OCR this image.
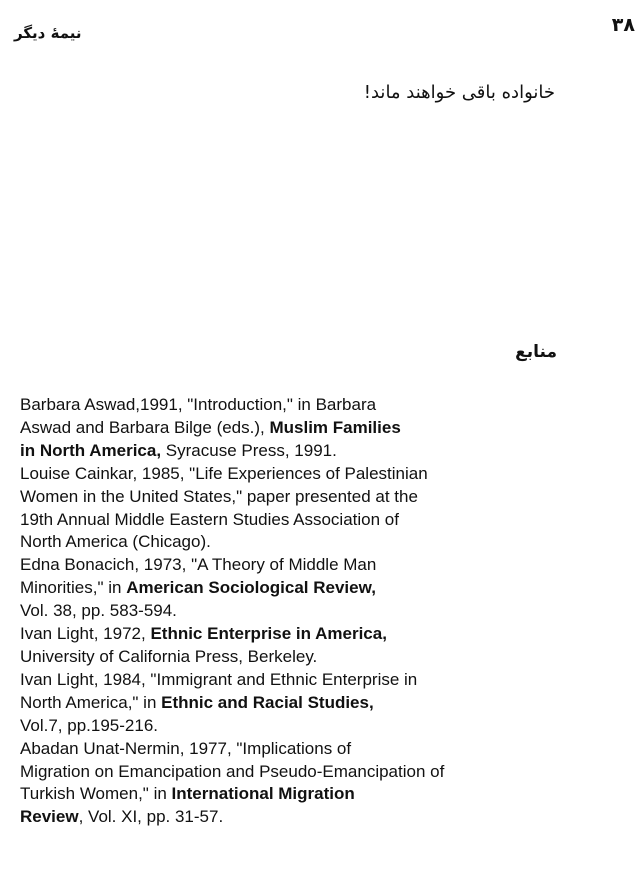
۳۸
نیمهٔ دیگر
خانواده باقی خواهند ماند!
منابع
Barbara Aswad,1991, "Introduction," in Barbara
Aswad and Barbara Bilge (eds.), Muslim Families
in North America, Syracuse Press, 1991.
Louise Cainkar, 1985, "Life Experiences of Palestinian
Women in the United States," paper presented at the
19th Annual Middle Eastern Studies Association of
North America (Chicago).
Edna Bonacich, 1973, "A Theory of Middle Man
Minorities," in American Sociological Review,
Vol. 38, pp. 583-594.
Ivan Light, 1972, Ethnic Enterprise in America,
University of California Press, Berkeley.
Ivan Light, 1984, "Immigrant and Ethnic Enterprise in
North America," in Ethnic and Racial Studies,
Vol.7, pp.195-216.
Abadan Unat-Nermin, 1977, "Implications of
Migration on Emancipation and Pseudo-Emancipation of
Turkish Women," in International Migration
Review, Vol. XI, pp. 31-57.
